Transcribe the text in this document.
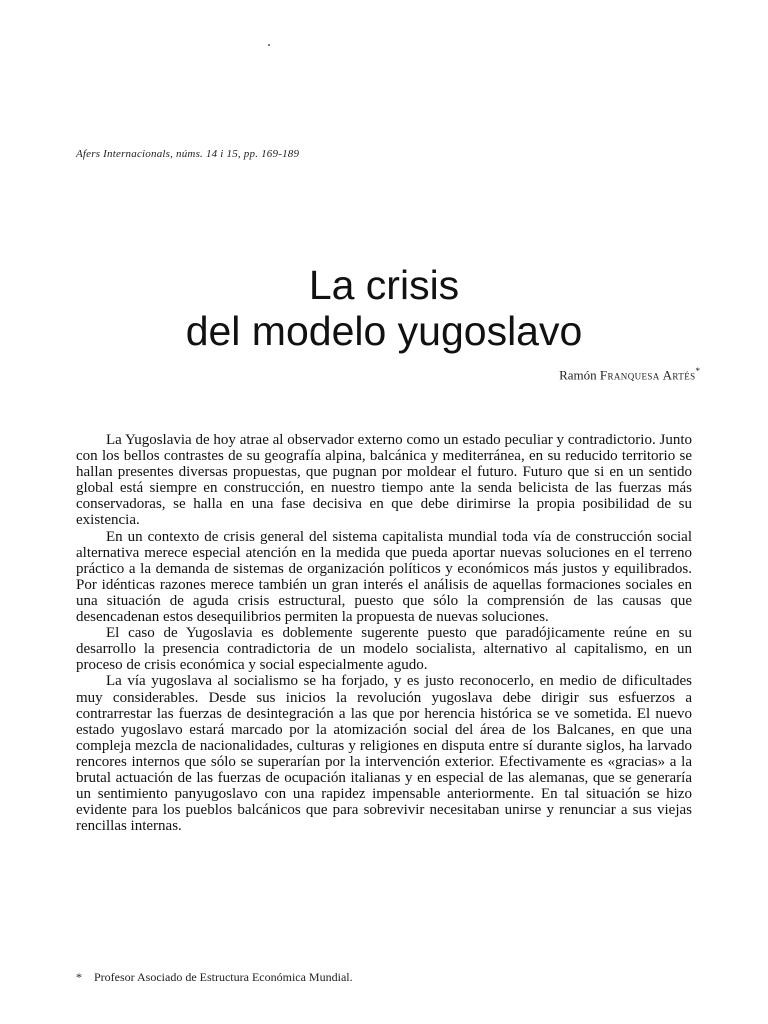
Afers Internacionals, núms. 14 i 15, pp. 169-189
La crisis
del modelo yugoslavo
Ramón Franquesa Artés*

La Yugoslavia de hoy atrae al observador externo como un estado peculiar y contradictorio. Junto con los bellos contrastes de su geografía alpina, balcánica y mediterránea, en su reducido territorio se hallan presentes diversas propuestas, que pugnan por moldear el futuro. Futuro que si en un sentido global está siempre en construcción, en nuestro tiempo ante la senda belicista de las fuerzas más conservadoras, se halla en una fase decisiva en que debe dirimirse la propia posibilidad de su existencia.

En un contexto de crisis general del sistema capitalista mundial toda vía de construcción social alternativa merece especial atención en la medida que pueda aportar nuevas soluciones en el terreno práctico a la demanda de sistemas de organización políticos y económicos más justos y equilibrados. Por idénticas razones merece también un gran interés el análisis de aquellas formaciones sociales en una situación de aguda crisis estructural, puesto que sólo la comprensión de las causas que desencadenan estos desequilibrios permiten la propuesta de nuevas soluciones.

El caso de Yugoslavia es doblemente sugerente puesto que paradójicamente reúne en su desarrollo la presencia contradictoria de un modelo socialista, alternativo al capitalismo, en un proceso de crisis económica y social especialmente agudo.

La vía yugoslava al socialismo se ha forjado, y es justo reconocerlo, en medio de dificultades muy considerables. Desde sus inicios la revolución yugoslava debe dirigir sus esfuerzos a contrarrestar las fuerzas de desintegración a las que por herencia histórica se ve sometida. El nuevo estado yugoslavo estará marcado por la atomización social del área de los Balcanes, en que una compleja mezcla de nacionalidades, culturas y religiones en disputa entre sí durante siglos, ha larvado rencores internos que sólo se superarían por la intervención exterior. Efectivamente es «gracias» a la brutal actuación de las fuerzas de ocupación italianas y en especial de las alemanas, que se generaría un sentimiento panyugoslavo con una rapidez impensable anteriormente. En tal situación se hizo evidente para los pueblos balcánicos que para sobrevivir necesitaban unirse y renunciar a sus viejas rencillas internas.

* Profesor Asociado de Estructura Económica Mundial.
